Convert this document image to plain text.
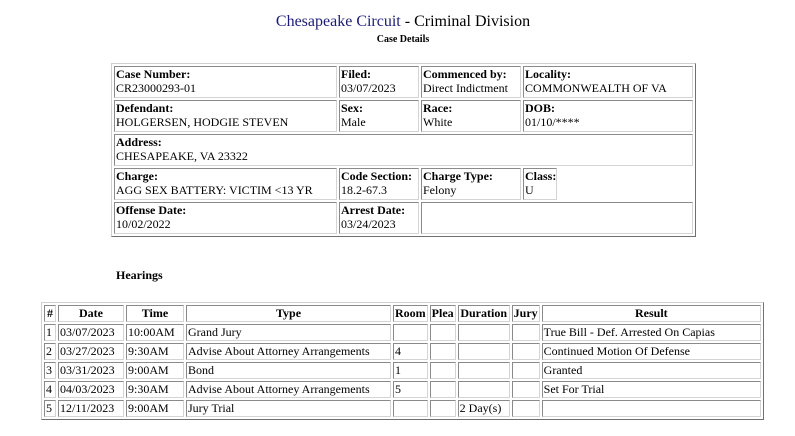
Chesapeake Circuit - Criminal Division
Case Details
Case Number:
CR23000293-01	Filed:
03/07/2023	Commenced by:
Direct Indictment	Locality:
COMMONWEALTH OF VA

Defendant:
HOLGERSEN, HODGIE STEVEN	Sex:
Male	Race:
White	DOB:
01/10/****

Address:
CHESAPEAKE, VA 23322			

Charge:
AGG SEX BATTERY: VICTIM <13 YR	Code Section:
18.2-67.3	Charge Type:
Felony	Class:
U

Offense Date:
10/02/2022	Arrest Date:
03/24/2023		

Hearings
#	Date	Time	Type	Room	Plea	Duration	Jury	Result
1	03/07/2023	10:00AM	Grand Jury					True Bill - Def. Arrested On Capias
2	03/27/2023	9:30AM	Advise About Attorney Arrangements	4				Continued Motion Of Defense
3	03/31/2023	9:00AM	Bond	1				Granted
4	04/03/2023	9:30AM	Advise About Attorney Arrangements	5				Set For Trial
5	12/11/2023	9:00AM	Jury Trial			2 Day(s)		
